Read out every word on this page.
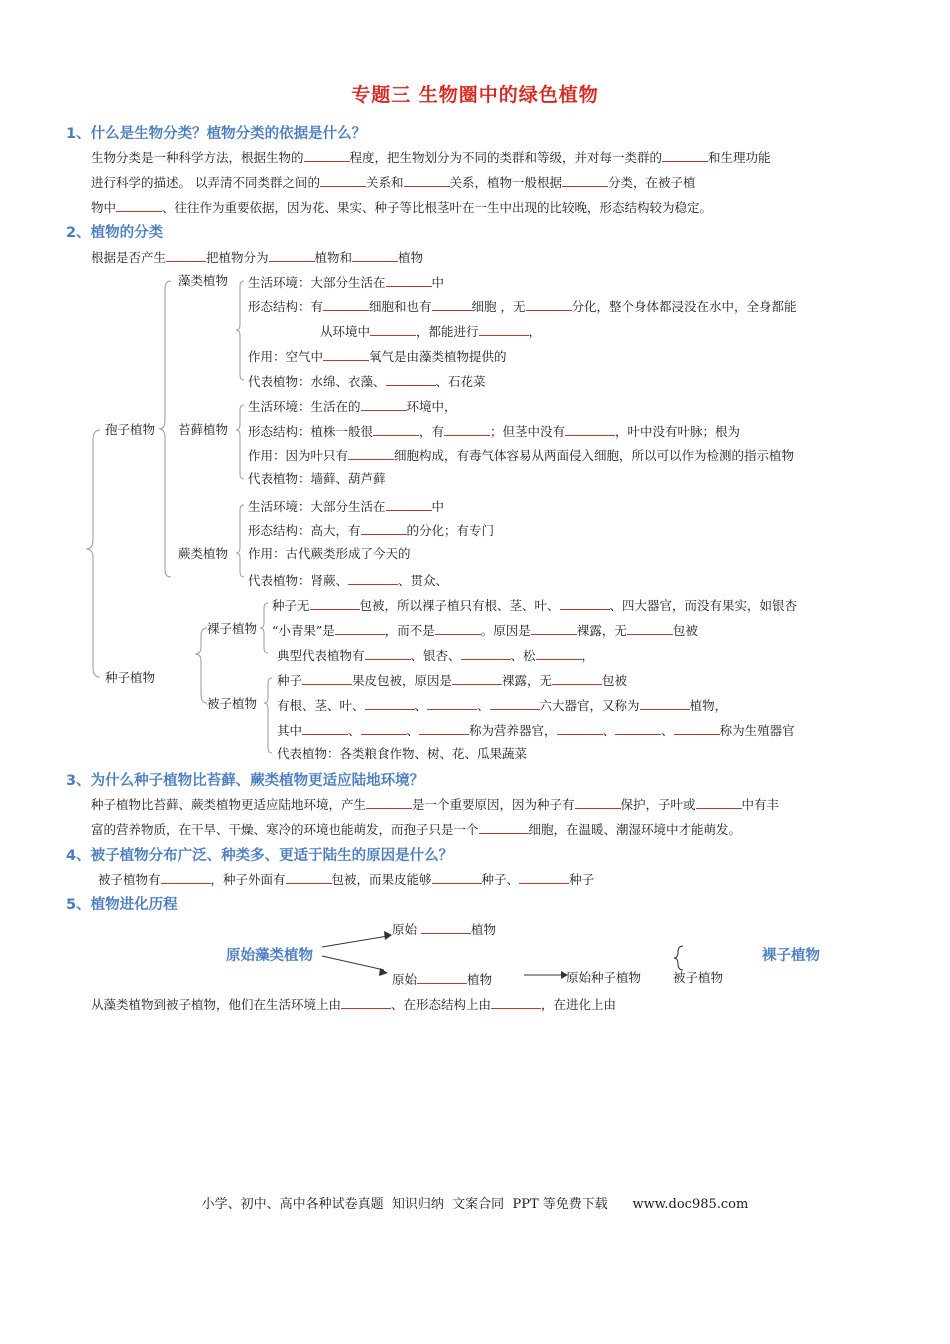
专题三 生物圈中的绿色植物
1、什么是生物分类？植物分类的依据是什么？
生物分类是一种科学方法，根据生物的	程度，把生物划分为不同的类群和等级，并对每一类群的	和生理功能
进行科学的描述。 以弄清不同类群之间的	关系和	关系，植物一般根据	分类，在被子植
物中	、往往作为重要依据，因为花、果实、种子等比根茎叶在一生中出现的比较晚，形态结构较为稳定。
2、植物的分类
根据是否产生	把植物分为	植物和	植物
孢子植物
种子植物
藻类植物 生活环境：大部分生活在	中
形态结构：有	细胞和也有	细胞 ，无	分化，整个身体都浸没在水中，全身都能
从环境中	，都能进行	，
作用：空气中	氧气是由藻类植物提供的
代表植物：水绵、衣藻、	、石花菜
苔藓植物
生活环境：生活在的	环境中，
形态结构：植株一般很	，有	；但茎中没有	，叶中没有叶脉；根为
作用：因为叶只有	细胞构成，有毒气体容易从两面侵入细胞，所以可以作为检测的指示植物
代表植物：墙藓、葫芦藓
蕨类植物
生活环境：大部分生活在	中
形态结构：高大，有	的分化；有专门
作用：古代蕨类形成了今天的
代表植物：肾蕨、	、贯众、
裸子植物
种子无	包被，所以裸子植只有根、茎、叶、	、四大器官，而没有果实，如银杏
“小青果”是	，而不是	。原因是	裸露，无	包被
典型代表植物有	、银杏、	、松	，
被子植物
种子	果皮包被，原因是	裸露，无	包被
有根、茎、叶、	、	、	六大器官，又称为	植物，
其中	、	、	称为营养器官，	、	、	称为生殖器官
代表植物：各类粮食作物、树、花、瓜果蔬菜
3、为什么种子植物比苔藓、蕨类植物更适应陆地环境？
种子植物比苔藓、蕨类植物更适应陆地环境，产生	是一个重要原因，因为种子有	保护，子叶或	中有丰
富的营养物质，在干旱、干燥、寒冷的环境也能萌发，而孢子只是一个	细胞，在温暖、潮湿环境中才能萌发。
4、被子植物分布广泛、种类多、更适于陆生的原因是什么？
被子植物有	，种子外面有	包被，而果皮能够	种子、	种子
5、植物进化历程
原始藻类植物
原始	植物
原始	植物	原始种子植物	被子植物
裸子植物
从藻类植物到被子植物，他们在生活环境上由	、在形态结构上由	，在进化上由
小学、初中、高中各种试卷真题  知识归纳  文案合同  PPT 等免费下载      www.doc985.com
